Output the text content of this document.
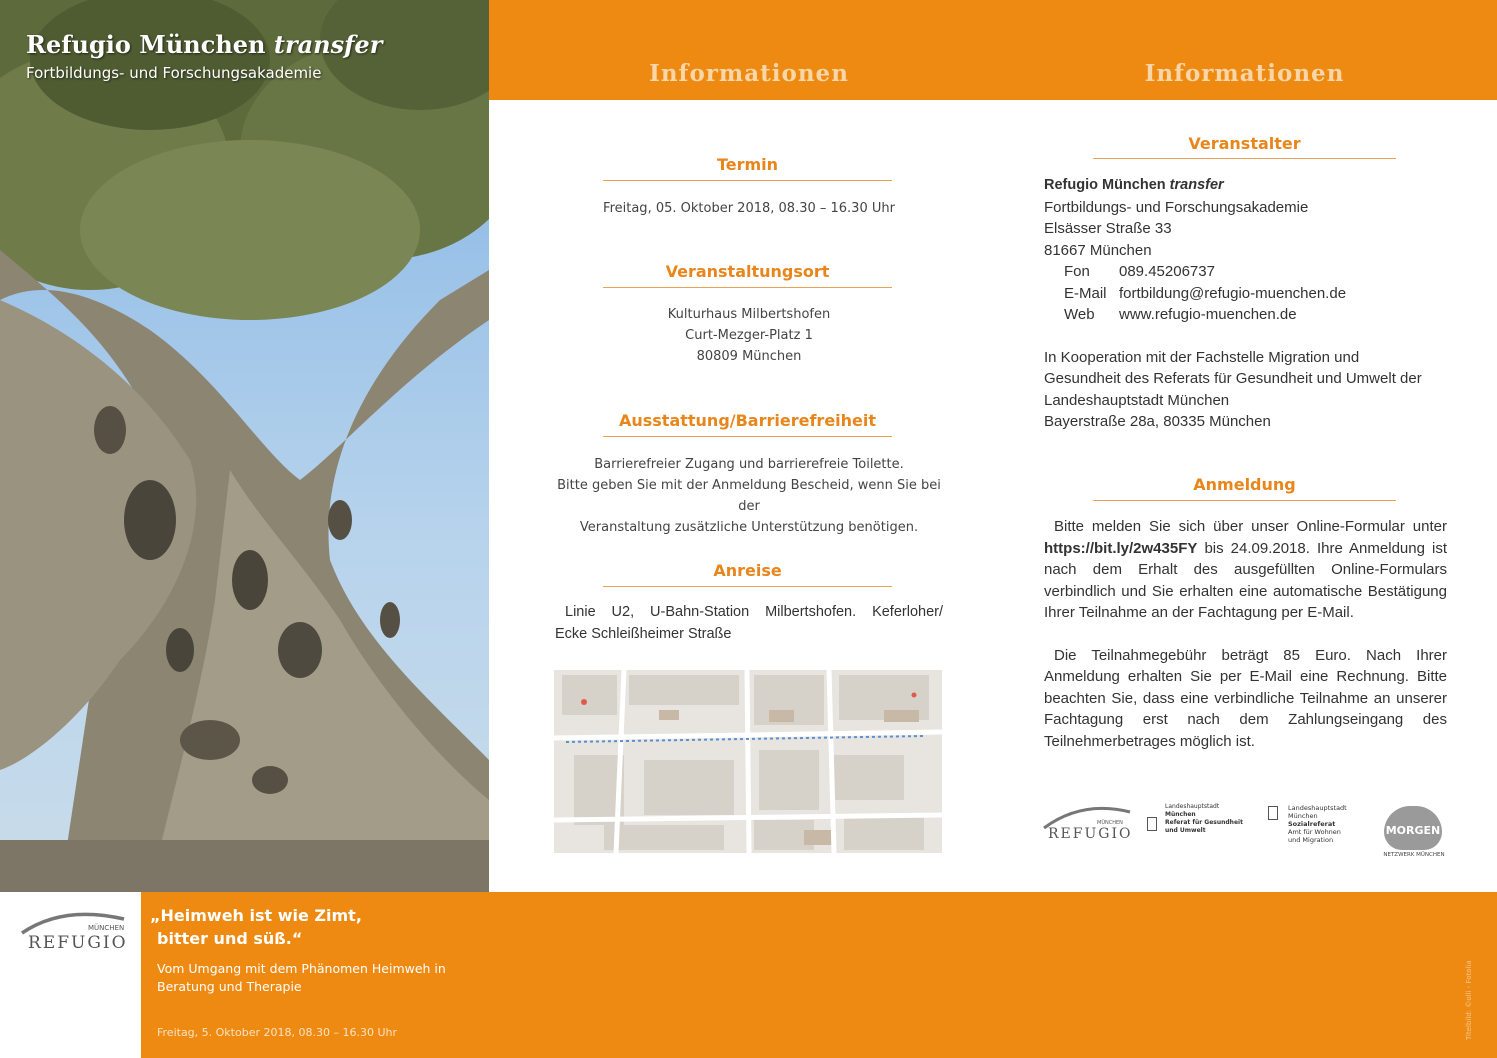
Refugio München transfer
Fortbildungs- und Forschungsakademie	Informationen	Informationen
Termin
Freitag, 05. Oktober 2018, 08.30 – 16.30 Uhr
Veranstaltungsort
Kulturhaus Milbertshofen
Curt-Mezger-Platz 1
80809 München
Ausstattung/Barrierefreiheit
Barrierefreier Zugang und barrierefreie Toilette.
Bitte geben Sie mit der Anmeldung Bescheid, wenn Sie bei der
Veranstaltung zusätzliche Unterstützung benötigen.
Anreise
Linie U2, U-Bahn-Station Milbertshofen. Keferloher/
Ecke Schleißheimer Straße
Veranstalter
Refugio München transfer
Fortbildungs- und Forschungsakademie
Elsässer Straße 33
81667 München
Fon	089.45206737
E-Mail fortbildung@refugio-muenchen.de
Web	www.refugio-muenchen.de
In Kooperation mit der Fachstelle Migration und
Gesundheit des Referats für Gesundheit und Umwelt der
Landeshauptstadt München
Bayerstraße 28a, 80335 München
Anmeldung

Bitte melden Sie sich über unser Online-Formular unter https://bit.ly/2w435FY bis 24.09.2018. Ihre Anmeldung ist nach dem Erhalt des ausgefüllten Online-Formulars verbindlich und Sie erhalten eine automatische Bestätigung Ihrer Teilnahme an der Fachtagung per E-Mail.

Die Teilnahmegebühr beträgt 85 Euro. Nach Ihrer Anmeldung erhalten Sie per E-Mail eine Rechnung. Bitte beachten Sie, dass eine verbindliche Teilnahme an unserer Fachtagung erst nach dem Zahlungseingang des Teilnehmerbetrages möglich ist.

MÜNCHEN
REFUGIO
Landeshauptstadt
München
Referat für Gesundheit
und Umwelt
Landeshauptstadt
München
Sozialreferat
Amt für Wohnen
und Migration
MORGEN
NETZWERK MÜNCHEN
MÜNCHEN
REFUGIO
„Heimweh ist wie Zimt,
bitter und süß.“
Vom Umgang mit dem Phänomen Heimweh in
Beratung und Therapie
Freitag, 5. Oktober 2018, 08.30 – 16.30 Uhr	Titelbild: ©olli - Fotolia
